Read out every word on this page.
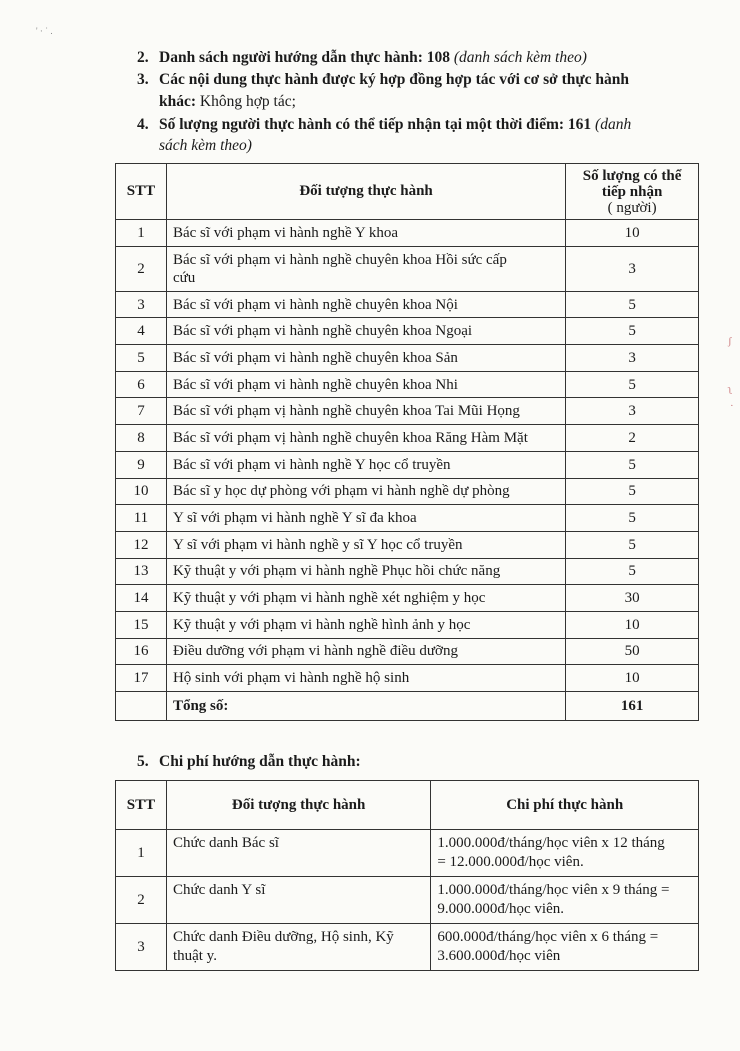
' · ˙ .
2. Danh sách người hướng dẫn thực hành: 108 (danh sách kèm theo)
3. Các nội dung thực hành được ký hợp đồng hợp tác với cơ sở thực hành
khác: Không hợp tác;
4. Số lượng người thực hành có thể tiếp nhận tại một thời điểm: 161 (danh
sách kèm theo)
STT	Đối tượng thực hành	Số lượng có thể
tiếp nhận
( người)
1	Bác sĩ với phạm vi hành nghề Y khoa	10
2	Bác sĩ với phạm vi hành nghề chuyên khoa Hồi sức cấp
cứu	3
3	Bác sĩ với phạm vi hành nghề chuyên khoa Nội	5
4	Bác sĩ với phạm vi hành nghề chuyên khoa Ngoại	5
5	Bác sĩ với phạm vi hành nghề chuyên khoa Sản	3
6	Bác sĩ với phạm vi hành nghề chuyên khoa Nhi	5
7	Bác sĩ với phạm vị hành nghề chuyên khoa Tai Mũi Họng	3
8	Bác sĩ với phạm vị hành nghề chuyên khoa Răng Hàm Mặt	2
9	Bác sĩ với phạm vi hành nghề Y học cổ truyền	5
10	Bác sĩ y học dự phòng với phạm vi hành nghề dự phòng	5
11	Y sĩ với phạm vi hành nghề Y sĩ đa khoa	5
12	Y sĩ với phạm vi hành nghề y sĩ Y học cổ truyền	5
13	Kỹ thuật y với phạm vi hành nghề Phục hồi chức năng	5
14	Kỹ thuật y với phạm vi hành nghề xét nghiệm y học	30
15	Kỹ thuật y với phạm vi hành nghề hình ảnh y học	10
16	Điều dưỡng với phạm vi hành nghề điều dưỡng	50
17	Hộ sinh với phạm vi hành nghề hộ sinh	10
	Tổng số:	161
5. Chi phí hướng dẫn thực hành:
STT	Đối tượng thực hành	Chi phí thực hành
1	Chức danh Bác sĩ	1.000.000đ/tháng/học viên x 12 tháng
= 12.000.000đ/học viên.
2	Chức danh Y sĩ	1.000.000đ/tháng/học viên x 9 tháng =
9.000.000đ/học viên.
3	Chức danh Điều dưỡng, Hộ sinh, Kỹ
thuật y.	600.000đ/tháng/học viên x 6 tháng =
3.600.000đ/học viên
ʃ
ʅ
·
